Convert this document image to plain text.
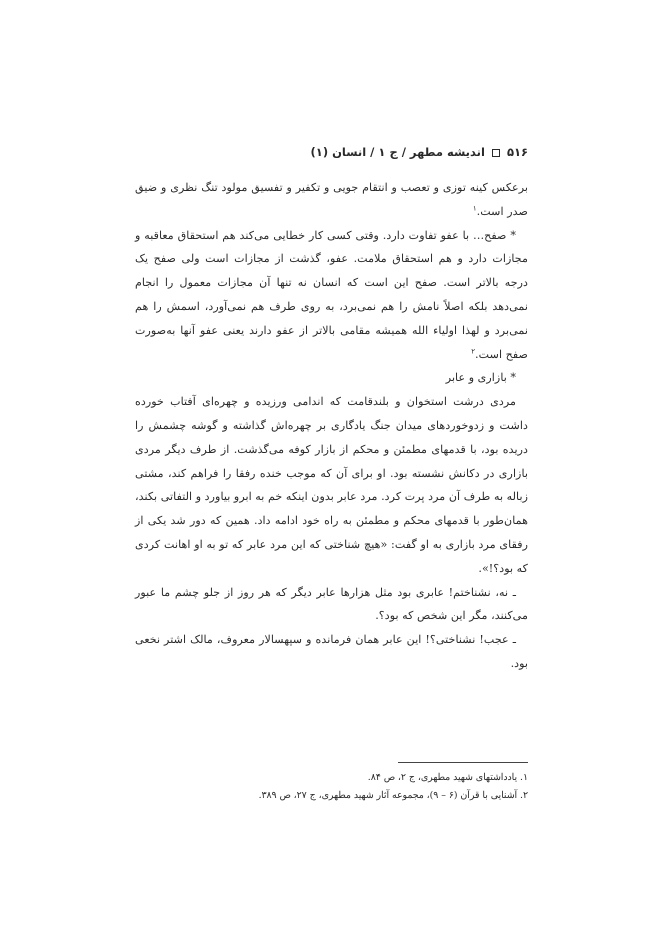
۵۱۶  اندیشه مطهر / ج ۱ / انسان (۱)

برعکس کینه توزی و تعصب و انتقام جویی و تکفیر و تفسیق مولود تنگ نظری و ضیق صدر است.$^۱$

* صفح… با عفو تفاوت دارد. وقتی کسی کار خطایی می‌کند هم استحقاق معاقبه و مجازات دارد و هم استحقاق ملامت. عفو، گذشت از مجازات است ولی صفح یک درجه بالاتر است. صفح این است که انسان نه تنها آن مجازات معمول را انجام نمی‌دهد بلکه اصلاً نامش را هم نمی‌برد، به روی طرف هم نمی‌آورد، اسمش را هم نمی‌برد و لهذا اولیاء الله همیشه مقامی بالاتر از عفو دارند یعنی عفو آنها به‌صورت صفح است.$^۲$

* بازاری و عابر

مردی درشت استخوان و بلندقامت که اندامی ورزیده و چهره‌ای آفتاب خورده داشت و زدوخوردهای میدان جنگ یادگاری بر چهره‌اش گذاشته و گوشه چشمش را دریده بود، با قدمهای مطمئن و محکم از بازار کوفه می‌گذشت. از طرف دیگر مردی بازاری در دکانش نشسته بود. او برای آن که موجب خنده رفقا را فراهم کند، مشتی زباله به طرف آن مرد پرت کرد. مرد عابر بدون اینکه خم به ابرو بیاورد و التفاتی بکند، همان‌طور با قدمهای محکم و مطمئن به راه خود ادامه داد. همین که دور شد یکی از رفقای مرد بازاری به او گفت: «هیچ شناختی که این مرد عابر که تو به او اهانت کردی که بود؟!».

ـ نه، نشناختم! عابری بود مثل هزارها عابر دیگر که هر روز از جلو چشم ما عبور می‌کنند، مگر این شخص که بود؟.

ـ عجب! نشناختی؟! این عابر همان فرمانده و سپهسالار معروف، مالک اشتر نخعی بود.

۱. یادداشتهای شهید مطهری، ج ۲، ص ۸۴.
۲. آشنایی با قرآن (۶ – ۹)، مجموعه آثار شهید مطهری، ج ۲۷، ص ۳۸۹.
